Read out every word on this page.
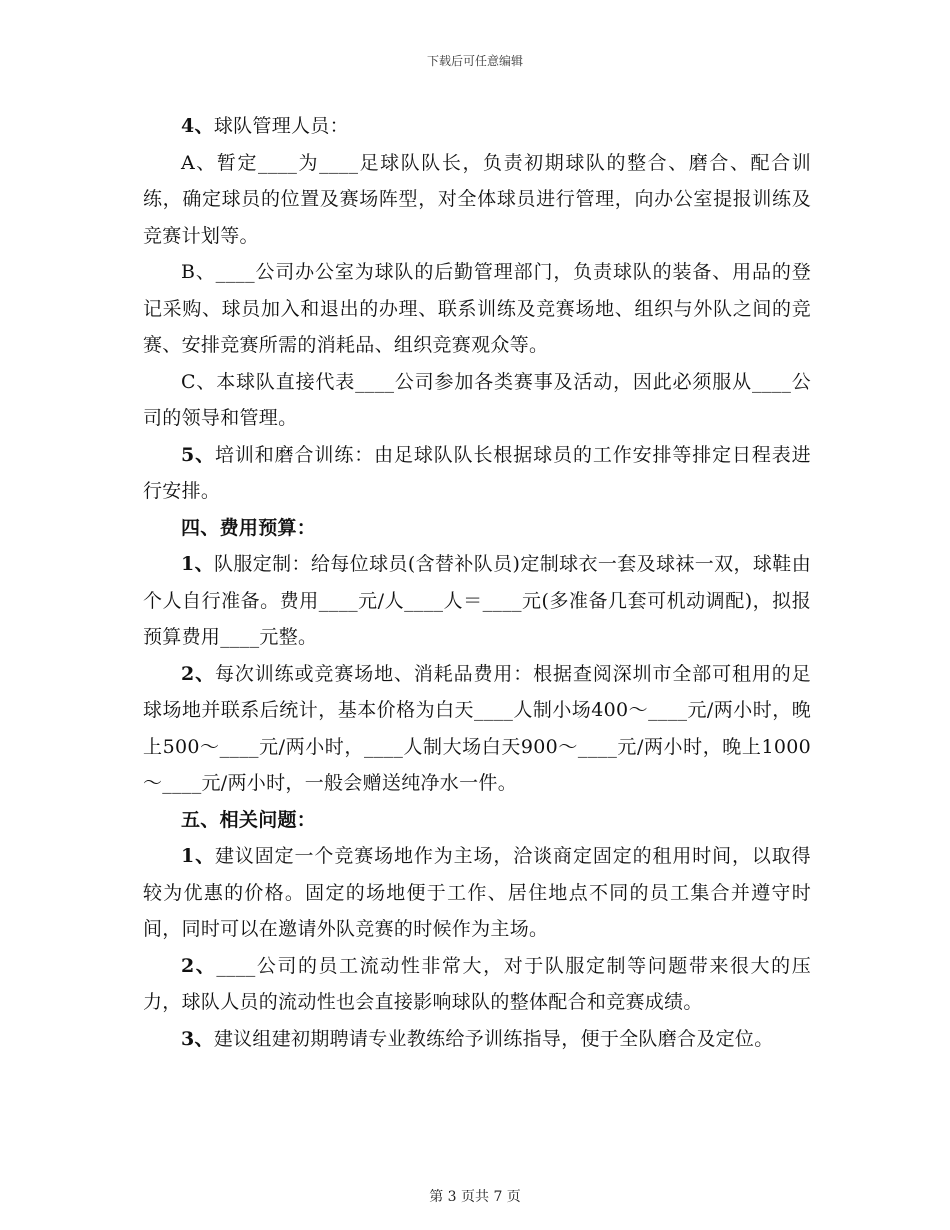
下载后可任意编辑

4、球队管理人员：

A、暂定____为____足球队队长，负责初期球队的整合、磨合、配合训练，确定球员的位置及赛场阵型，对全体球员进行管理，向办公室提报训练及竞赛计划等。

B、____公司办公室为球队的后勤管理部门，负责球队的装备、用品的登记采购、球员加入和退出的办理、联系训练及竞赛场地、组织与外队之间的竞赛、安排竞赛所需的消耗品、组织竞赛观众等。

C、本球队直接代表____公司参加各类赛事及活动，因此必须服从____公司的领导和管理。

5、培训和磨合训练：由足球队队长根据球员的工作安排等排定日程表进行安排。

四、费用预算：

1、队服定制：给每位球员(含替补队员)定制球衣一套及球袜一双，球鞋由个人自行准备。费用____元/人____人＝____元(多准备几套可机动调配)，拟报预算费用____元整。

2、每次训练或竞赛场地、消耗品费用：根据查阅深圳市全部可租用的足球场地并联系后统计，基本价格为白天____人制小场400～____元/两小时，晚上500～____元/两小时，____人制大场白天900～____元/两小时，晚上1000～____元/两小时，一般会赠送纯净水一件。

五、相关问题：

1、建议固定一个竞赛场地作为主场，洽谈商定固定的租用时间，以取得较为优惠的价格。固定的场地便于工作、居住地点不同的员工集合并遵守时间，同时可以在邀请外队竞赛的时候作为主场。

2、____公司的员工流动性非常大，对于队服定制等问题带来很大的压力，球队人员的流动性也会直接影响球队的整体配合和竞赛成绩。

3、建议组建初期聘请专业教练给予训练指导，便于全队磨合及定位。

第 3 页共 7 页
